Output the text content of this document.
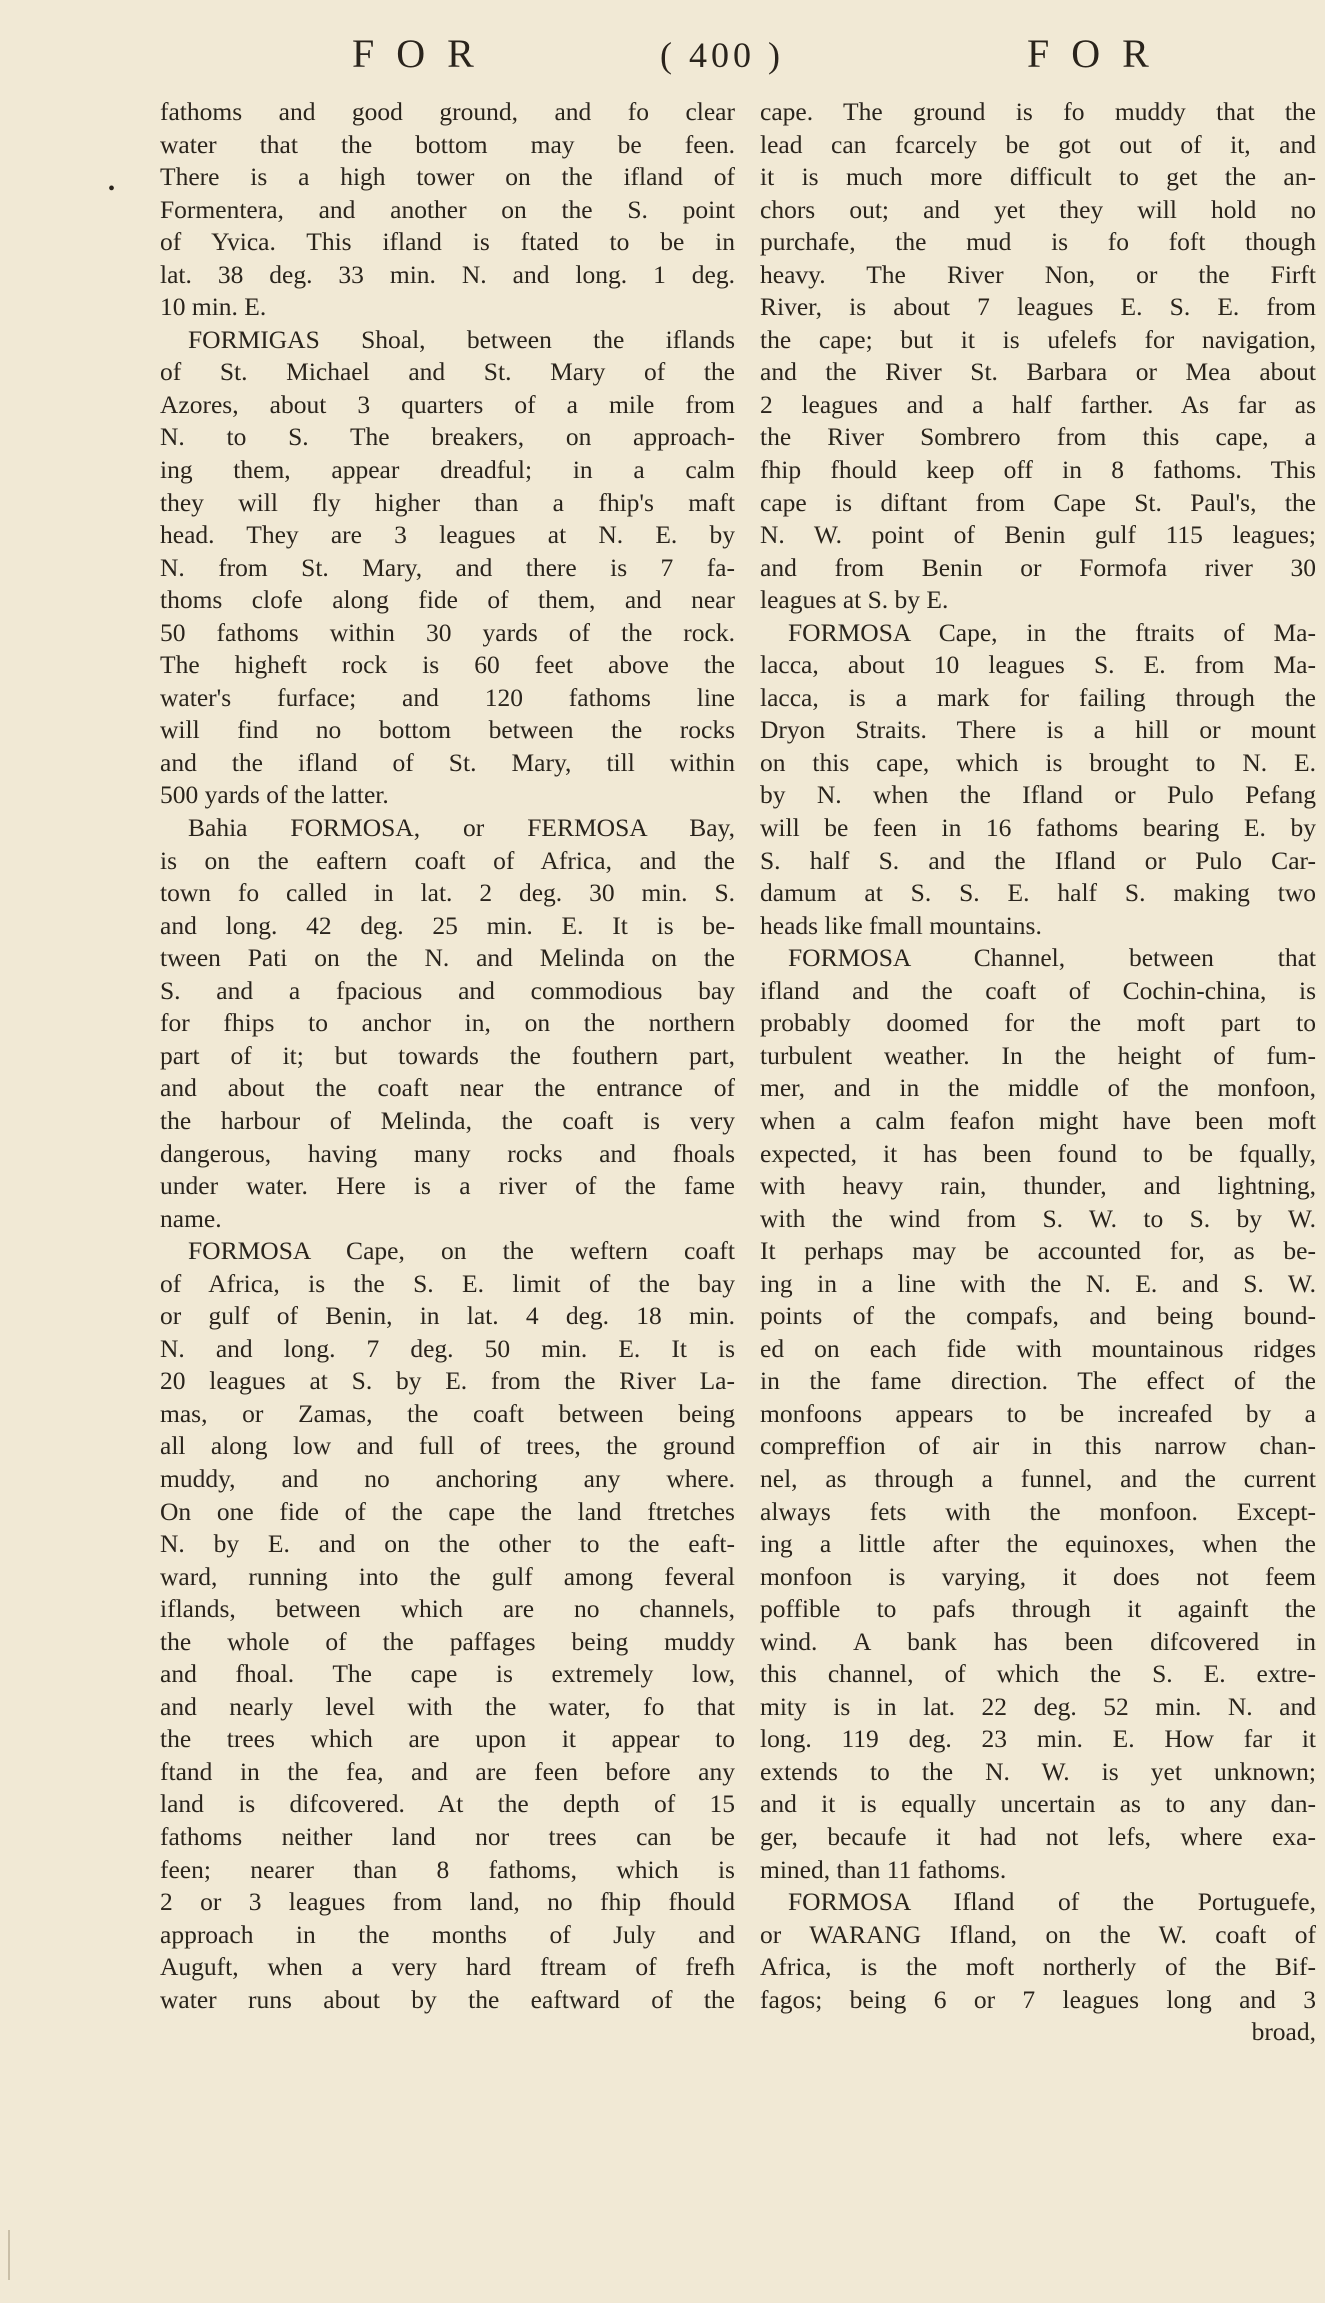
FOR	( 400 )	FOR
•
fathoms and good ground, and fo clear
water that the bottom may be feen.
There is a high tower on the ifland of
Formentera, and another on the S. point
of Yvica. This ifland is ftated to be in
lat. 38 deg. 33 min. N. and long. 1 deg.
10 min. E.
FORMIGAS Shoal, between the iflands
of St. Michael and St. Mary of the
Azores, about 3 quarters of a mile from
N. to S. The breakers, on approach-
ing them, appear dreadful; in a calm
they will fly higher than a fhip's maft
head. They are 3 leagues at N. E. by
N. from St. Mary, and there is 7 fa-
thoms clofe along fide of them, and near
50 fathoms within 30 yards of the rock.
The higheft rock is 60 feet above the
water's furface; and 120 fathoms line
will find no bottom between the rocks
and the ifland of St. Mary, till within
500 yards of the latter.
Bahia FORMOSA, or FERMOSA Bay,
is on the eaftern coaft of Africa, and the
town fo called in lat. 2 deg. 30 min. S.
and long. 42 deg. 25 min. E. It is be-
tween Pati on the N. and Melinda on the
S. and a fpacious and commodious bay
for fhips to anchor in, on the northern
part of it; but towards the fouthern part,
and about the coaft near the entrance of
the harbour of Melinda, the coaft is very
dangerous, having many rocks and fhoals
under water. Here is a river of the fame
name.
FORMOSA Cape, on the weftern coaft
of Africa, is the S. E. limit of the bay
or gulf of Benin, in lat. 4 deg. 18 min.
N. and long. 7 deg. 50 min. E. It is
20 leagues at S. by E. from the River La-
mas, or Zamas, the coaft between being
all along low and full of trees, the ground
muddy, and no anchoring any where.
On one fide of the cape the land ftretches
N. by E. and on the other to the eaft-
ward, running into the gulf among feveral
iflands, between which are no channels,
the whole of the paffages being muddy
and fhoal. The cape is extremely low,
and nearly level with the water, fo that
the trees which are upon it appear to
ftand in the fea, and are feen before any
land is difcovered. At the depth of 15
fathoms neither land nor trees can be
feen; nearer than 8 fathoms, which is
2 or 3 leagues from land, no fhip fhould
approach in the months of July and
Auguft, when a very hard ftream of frefh
water runs about by the eaftward of the
cape. The ground is fo muddy that the
lead can fcarcely be got out of it, and
it is much more difficult to get the an-
chors out; and yet they will hold no
purchafe, the mud is fo foft though
heavy. The River Non, or the Firft
River, is about 7 leagues E. S. E. from
the cape; but it is ufelefs for navigation,
and the River St. Barbara or Mea about
2 leagues and a half farther. As far as
the River Sombrero from this cape, a
fhip fhould keep off in 8 fathoms. This
cape is diftant from Cape St. Paul's, the
N. W. point of Benin gulf 115 leagues;
and from Benin or Formofa river 30
leagues at S. by E.
FORMOSA Cape, in the ftraits of Ma-
lacca, about 10 leagues S. E. from Ma-
lacca, is a mark for failing through the
Dryon Straits. There is a hill or mount
on this cape, which is brought to N. E.
by N. when the Ifland or Pulo Pefang
will be feen in 16 fathoms bearing E. by
S. half S. and the Ifland or Pulo Car-
damum at S. S. E. half S. making two
heads like fmall mountains.
FORMOSA Channel, between that
ifland and the coaft of Cochin-china, is
probably doomed for the moft part to
turbulent weather. In the height of fum-
mer, and in the middle of the monfoon,
when a calm feafon might have been moft
expected, it has been found to be fqually,
with heavy rain, thunder, and lightning,
with the wind from S. W. to S. by W.
It perhaps may be accounted for, as be-
ing in a line with the N. E. and S. W.
points of the compafs, and being bound-
ed on each fide with mountainous ridges
in the fame direction. The effect of the
monfoons appears to be increafed by a
compreffion of air in this narrow chan-
nel, as through a funnel, and the current
always fets with the monfoon. Except-
ing a little after the equinoxes, when the
monfoon is varying, it does not feem
poffible to pafs through it againft the
wind. A bank has been difcovered in
this channel, of which the S. E. extre-
mity is in lat. 22 deg. 52 min. N. and
long. 119 deg. 23 min. E. How far it
extends to the N. W. is yet unknown;
and it is equally uncertain as to any dan-
ger, becaufe it had not lefs, where exa-
mined, than 11 fathoms.
FORMOSA Ifland of the Portuguefe,
or WARANG Ifland, on the W. coaft of
Africa, is the moft northerly of the Bif-
fagos; being 6 or 7 leagues long and 3
broad,
